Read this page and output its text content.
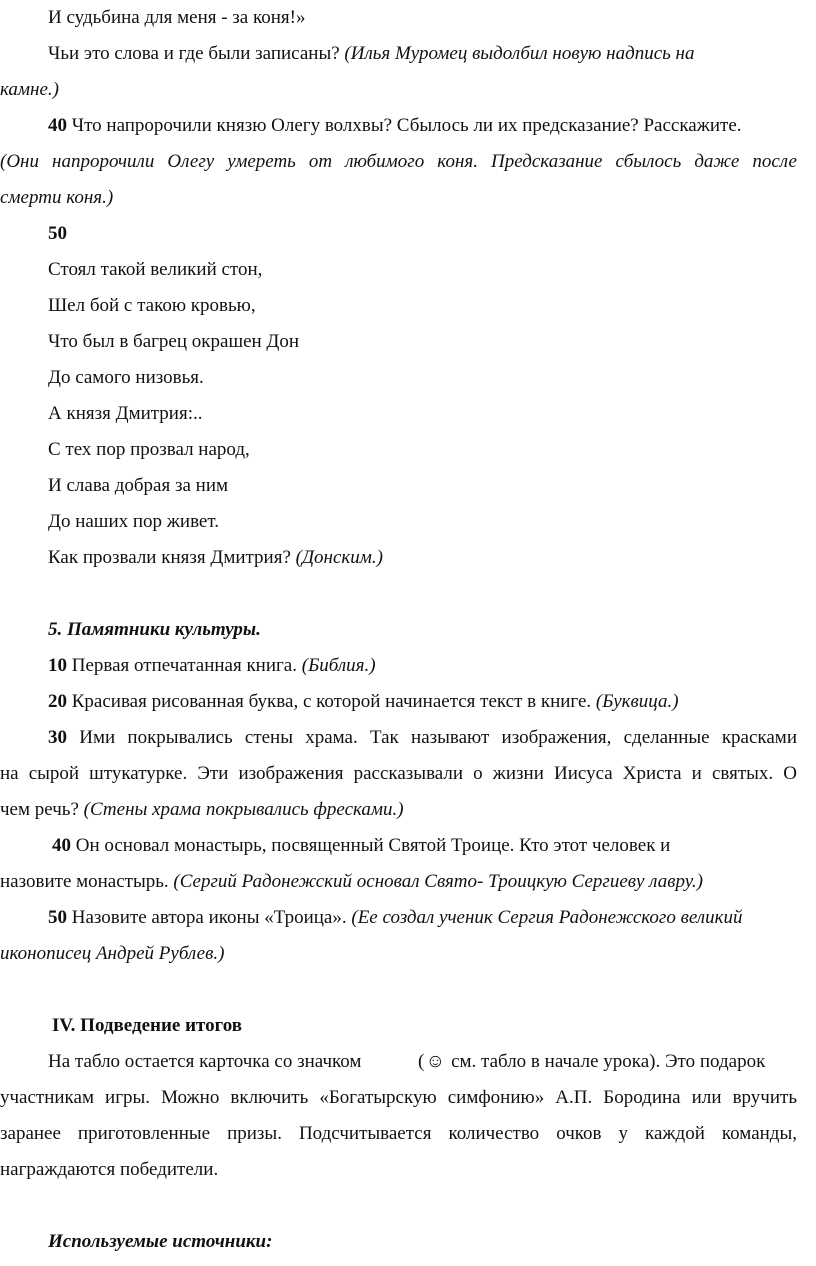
И судьбина для меня - за коня!»
Чьи это слова и где были записаны? (Илья Муромец выдолбил новую надпись на
камне.)
40 Что напророчили князю Олегу волхвы? Сбылось ли их предсказание? Расскажите.
(Они напророчили Олегу умереть от любимого коня. Предсказание сбылось даже после
смерти коня.)
50
Стоял такой великий стон,
Шел бой с такою кровью,
Что был в багрец окрашен Дон
До самого низовья.
А князя Дмитрия:..
С тех пор прозвал народ,
И слава добрая за ним
До наших пор живет.
Как прозвали князя Дмитрия? (Донским.)
5. Памятники культуры.
10 Первая отпечатанная книга. (Библия.)
20 Красивая рисованная буква, с которой начинается текст в книге. (Буквица.)
30 Ими покрывались стены храма. Так называют изображения, сделанные красками
на сырой штукатурке. Эти изображения рассказывали о жизни Иисуса Христа и святых. О
чем речь? (Стены храма покрывались фресками.)
40 Он основал монастырь, посвященный Святой Троице. Кто этот человек и
назовите монастырь. (Сергий Радонежский основал Свято- Троицкую Сергиеву лавру.)
50 Назовите автора иконы «Троица». (Ее создал ученик Сергия Радонежского великий
иконописец Андрей Рублев.)
IV. Подведение итогов
На табло остается карточка со значком	(☺ см. табло в начале урока). Это подарок
участникам игры. Можно включить «Богатырскую симфонию» А.П. Бородина или вручить
заранее приготовленные призы. Подсчитывается количество очков у каждой команды,
награждаются победители.
Используемые источники:
